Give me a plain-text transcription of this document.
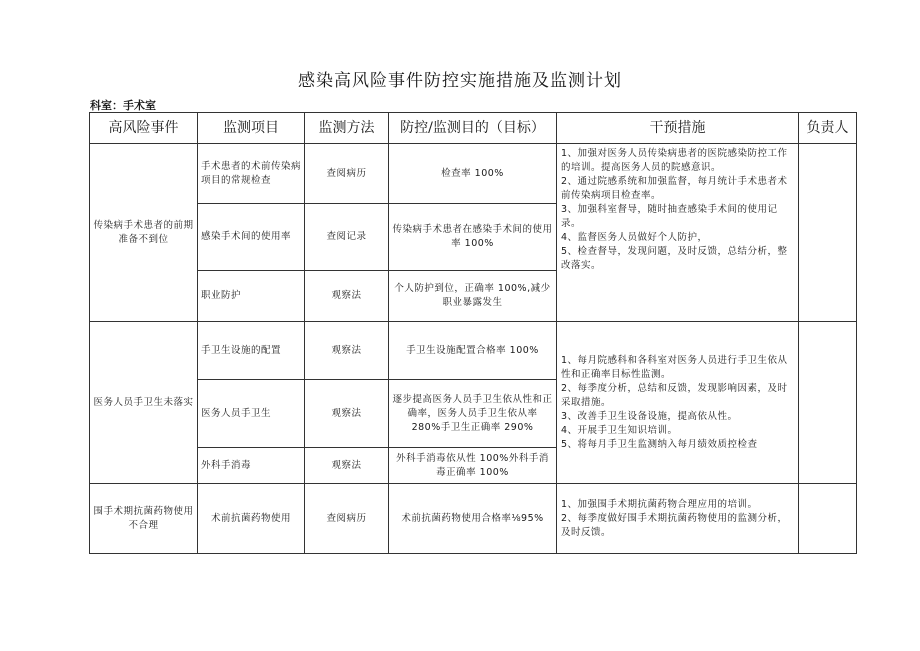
感染高风险事件防控实施措施及监测计划
科室：手术室
高风险事件	监测项目	监测方法	防控/监测目的（目标）	干预措施	负责人
传染病手术患者的前期准备不到位	手术患者的术前传染病项目的常规检查	查阅病历	检查率 100%	1、加强对医务人员传染病患者的医院感染防控工作的培训。提高医务人员的院感意识。
2、通过院感系统和加强监督，每月统计手术患者术前传染病项目检查率。
3、加强科室督导，随时抽查感染手术间的使用记录。
4、监督医务人员做好个人防护，
5、检查督导，发现问题，及时反馈，总结分析，整改落实。	

	感染手术间的使用率	查阅记录	传染病手术患者在感染手术间的使用率 100%		
	职业防护	观察法	个人防护到位，正确率 100%,减少职业暴露发生		
医务人员手卫生未落实	手卫生设施的配置	观察法	手卫生设施配置合格率 100%	1、每月院感科和各科室对医务人员进行手卫生依从性和正确率目标性监测。
2、每季度分析，总结和反馈，发现影响因素，及时采取措施。
3、改善手卫生设备设施，提高依从性。
4、开展手卫生知识培训。
5、将每月手卫生监测纳入每月绩效质控检查	

	医务人员手卫生	观察法	逐步提高医务人员手卫生依从性和正确率，医务人员手卫生依从率 280%手卫生正确率 290%		
	外科手消毒	观察法	外科手消毒依从性 100%外科手消毒正确率 100%		
围手术期抗菌药物使用不合理	术前抗菌药物使用	查阅病历	术前抗菌药物使用合格率⅛95%	1、加强围手术期抗菌药物合理应用的培训。
2、每季度做好围手术期抗菌药物使用的监测分析，及时反馈。	
